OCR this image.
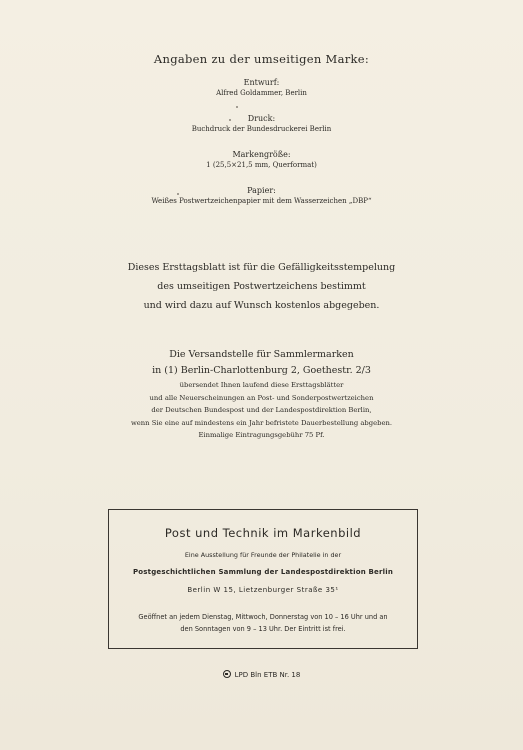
Angaben zu der umseitigen Marke:
Entwurf:
Alfred Goldammer, Berlin
Druck:
Buchdruck der Bundesdruckerei Berlin
Markengröße:
1 (25,5×21,5 mm, Querformat)
Papier:
Weißes Postwertzeichenpapier mit dem Wasserzeichen „DBP“
Dieses Ersttagsblatt ist für die Gefälligkeitsstempelung
des umseitigen Postwertzeichens bestimmt
und wird dazu auf Wunsch kostenlos abgegeben.
Die Versandstelle für Sammlermarken
in (1) Berlin-Charlottenburg 2, Goethestr. 2/3
übersendet Ihnen laufend diese Ersttagsblätter
und alle Neuerscheinungen an Post- und Sonderpostwertzeichen
der Deutschen Bundespost und der Landespostdirektion Berlin,
wenn Sie eine auf mindestens ein Jahr befristete Dauerbestellung abgeben.
Einmalige Eintragungsgebühr 75 Pf.
Post und Technik im Markenbild
Eine Ausstellung für Freunde der Philatelie in der
Postgeschichtlichen Sammlung der Landespostdirektion Berlin
Berlin W 15, Lietzenburger Straße 35¹
Geöffnet an jedem Dienstag, Mittwoch, Donnerstag von 10 – 16 Uhr und an
den Sonntagen von 9 – 13 Uhr. Der Eintritt ist frei.
LPD Bln ETB Nr. 18
